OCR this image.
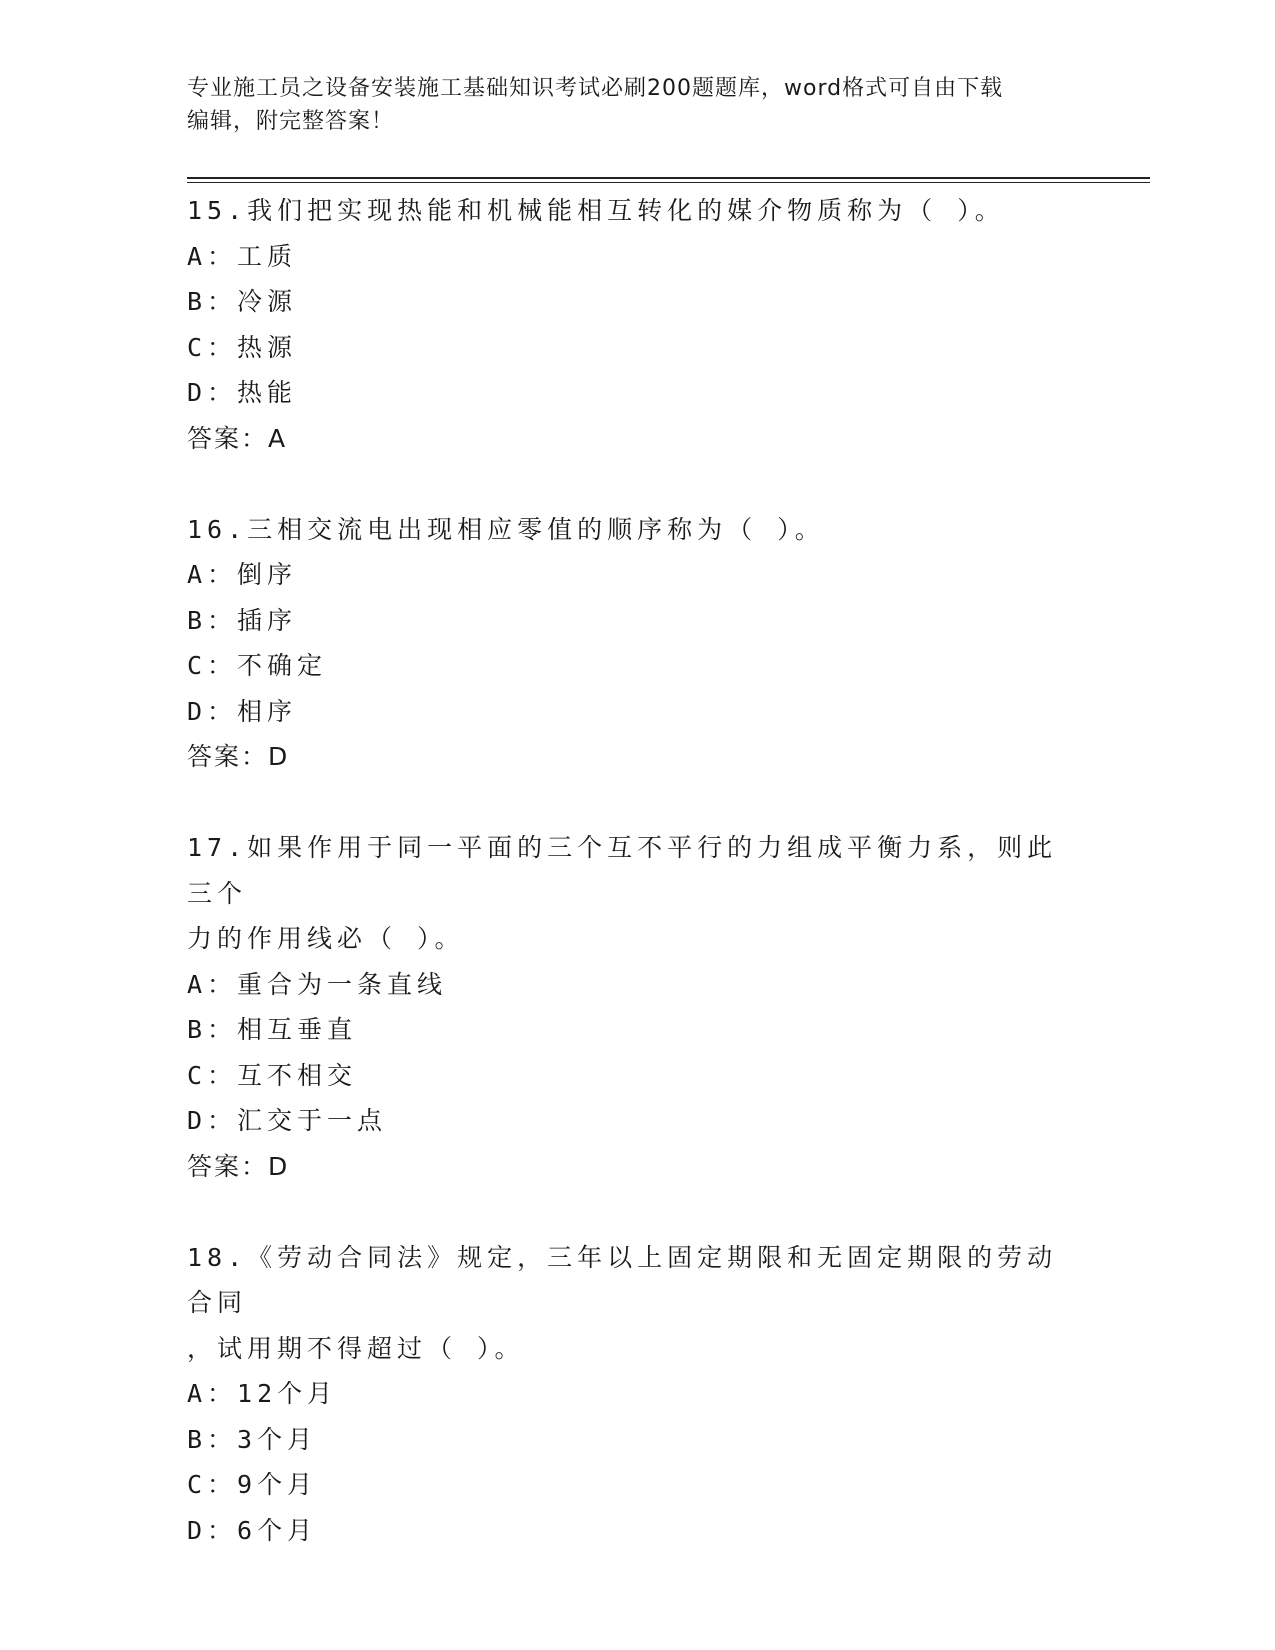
专业施工员之设备安装施工基础知识考试必刷200题题库，word格式可自由下载
编辑，附完整答案！
15.我们把实现热能和机械能相互转化的媒介物质称为（ ）。
A：工质
B：冷源
C：热源
D：热能
答案：A
16.三相交流电出现相应零值的顺序称为（ ）。
A：倒序
B：插序
C：不确定
D：相序
答案：D
17.如果作用于同一平面的三个互不平行的力组成平衡力系，则此三个
力的作用线必（ ）。
A：重合为一条直线
B：相互垂直
C：互不相交
D：汇交于一点
答案：D
18.《劳动合同法》规定，三年以上固定期限和无固定期限的劳动合同
，试用期不得超过（ ）。
A：12个月
B：3个月
C：9个月
D：6个月
